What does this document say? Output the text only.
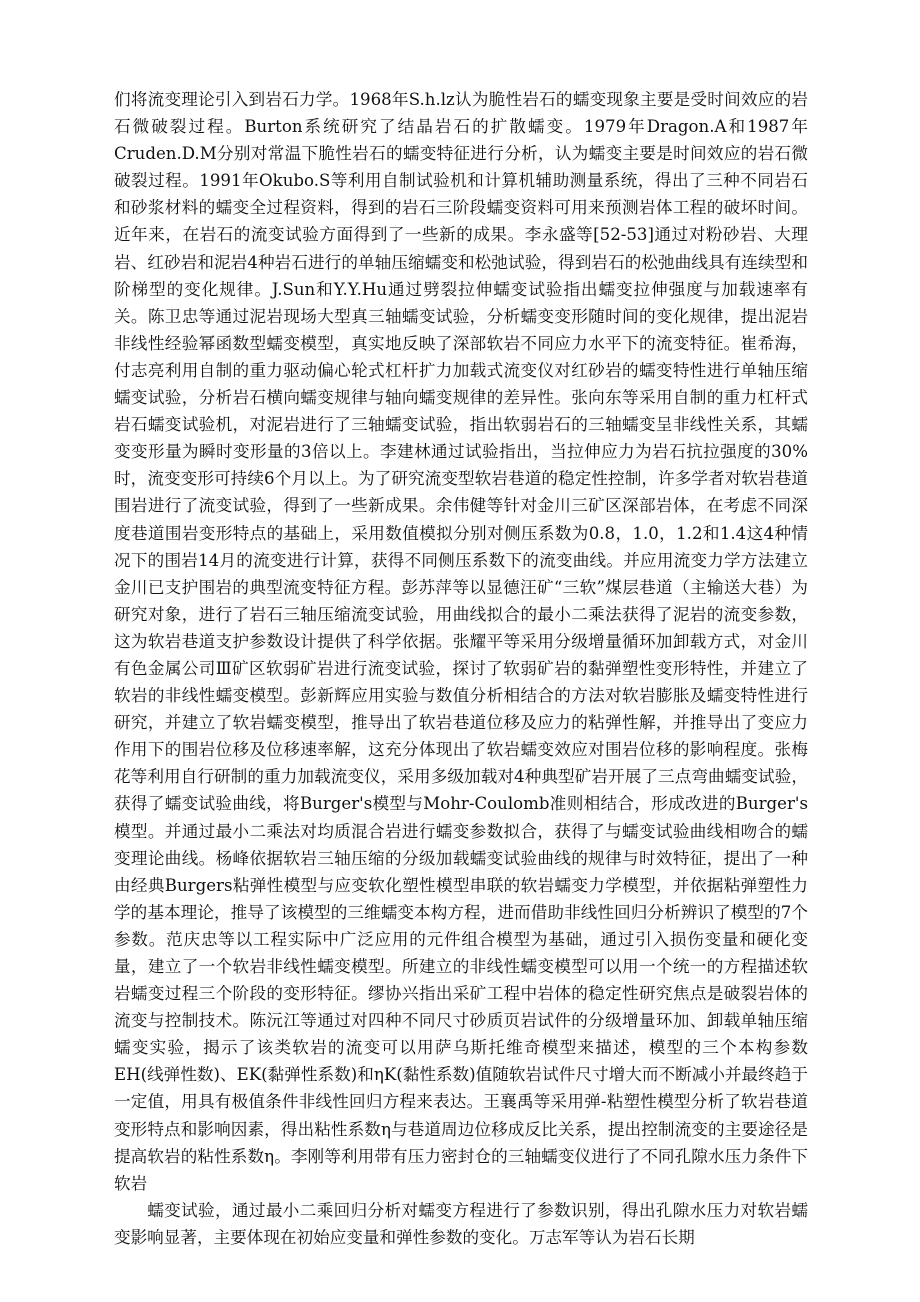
们将流变理论引入到岩石力学。1968年S.h.lz认为脆性岩石的蠕变现象主要是受时间效应的岩石微破裂过程。Burton系统研究了结晶岩石的扩散蠕变。1979年Dragon.A和1987年Cruden.D.M分别对常温下脆性岩石的蠕变特征进行分析，认为蠕变主要是时间效应的岩石微破裂过程。1991年Okubo.S等利用自制试验机和计算机辅助测量系统，得出了三种不同岩石和砂浆材料的蠕变全过程资料，得到的岩石三阶段蠕变资料可用来预测岩体工程的破坏时间。近年来，在岩石的流变试验方面得到了一些新的成果。李永盛等[52-53]通过对粉砂岩、大理岩、红砂岩和泥岩4种岩石进行的单轴压缩蠕变和松弛试验，得到岩石的松弛曲线具有连续型和阶梯型的变化规律。J.Sun和Y.Y.Hu通过劈裂拉伸蠕变试验指出蠕变拉伸强度与加载速率有关。陈卫忠等通过泥岩现场大型真三轴蠕变试验，分析蠕变变形随时间的变化规律，提出泥岩非线性经验幂函数型蠕变模型，真实地反映了深部软岩不同应力水平下的流变特征。崔希海，付志亮利用自制的重力驱动偏心轮式杠杆扩力加载式流变仪对红砂岩的蠕变特性进行单轴压缩蠕变试验，分析岩石横向蠕变规律与轴向蠕变规律的差异性。张向东等采用自制的重力杠杆式岩石蠕变试验机，对泥岩进行了三轴蠕变试验，指出软弱岩石的三轴蠕变呈非线性关系，其蠕变变形量为瞬时变形量的3倍以上。李建林通过试验指出，当拉伸应力为岩石抗拉强度的30%时，流变变形可持续6个月以上。为了研究流变型软岩巷道的稳定性控制，许多学者对软岩巷道围岩进行了流变试验，得到了一些新成果。余伟健等针对金川三矿区深部岩体，在考虑不同深度巷道围岩变形特点的基础上，采用数值模拟分别对侧压系数为0.8，1.0，1.2和1.4这4种情况下的围岩14月的流变进行计算，获得不同侧压系数下的流变曲线。并应用流变力学方法建立金川已支护围岩的典型流变特征方程。彭苏萍等以显德汪矿“三软”煤层巷道（主输送大巷）为研究对象，进行了岩石三轴压缩流变试验，用曲线拟合的最小二乘法获得了泥岩的流变参数，这为软岩巷道支护参数设计提供了科学依据。张耀平等采用分级增量循环加卸载方式，对金川有色金属公司Ⅲ矿区软弱矿岩进行流变试验，探讨了软弱矿岩的黏弹塑性变形特性，并建立了软岩的非线性蠕变模型。彭新辉应用实验与数值分析相结合的方法对软岩膨胀及蠕变特性进行研究，并建立了软岩蠕变模型，推导出了软岩巷道位移及应力的粘弹性解，并推导出了变应力作用下的围岩位移及位移速率解，这充分体现出了软岩蠕变效应对围岩位移的影响程度。张梅花等利用自行研制的重力加载流变仪，采用多级加载对4种典型矿岩开展了三点弯曲蠕变试验，获得了蠕变试验曲线，将Burger's模型与Mohr-Coulomb准则相结合，形成改进的Burger's模型。并通过最小二乘法对均质混合岩进行蠕变参数拟合，获得了与蠕变试验曲线相吻合的蠕变理论曲线。杨峰依据软岩三轴压缩的分级加载蠕变试验曲线的规律与时效特征，提出了一种由经典Burgers粘弹性模型与应变软化塑性模型串联的软岩蠕变力学模型，并依据粘弹塑性力学的基本理论，推导了该模型的三维蠕变本构方程，进而借助非线性回归分析辨识了模型的7个参数。范庆忠等以工程实际中广泛应用的元件组合模型为基础，通过引入损伤变量和硬化变量，建立了一个软岩非线性蠕变模型。所建立的非线性蠕变模型可以用一个统一的方程描述软岩蠕变过程三个阶段的变形特征。缪协兴指出采矿工程中岩体的稳定性研究焦点是破裂岩体的流变与控制技术。陈沅江等通过对四种不同尺寸砂质页岩试件的分级增量环加、卸载单轴压缩蠕变实验，揭示了该类软岩的流变可以用萨乌斯托维奇模型来描述，模型的三个本构参数EH(线弹性数)、EK(黏弹性系数)和ηK(黏性系数)值随软岩试件尺寸增大而不断减小并最终趋于一定值，用具有极值条件非线性回归方程来表达。王襄禹等采用弹-粘塑性模型分析了软岩巷道变形特点和影响因素，得出粘性系数η与巷道周边位移成反比关系，提出控制流变的主要途径是提高软岩的粘性系数η。李刚等利用带有压力密封仓的三轴蠕变仪进行了不同孔隙水压力条件下软岩

蠕变试验，通过最小二乘回归分析对蠕变方程进行了参数识别，得出孔隙水压力对软岩蠕变影响显著，主要体现在初始应变量和弹性参数的变化。万志军等认为岩石长期
